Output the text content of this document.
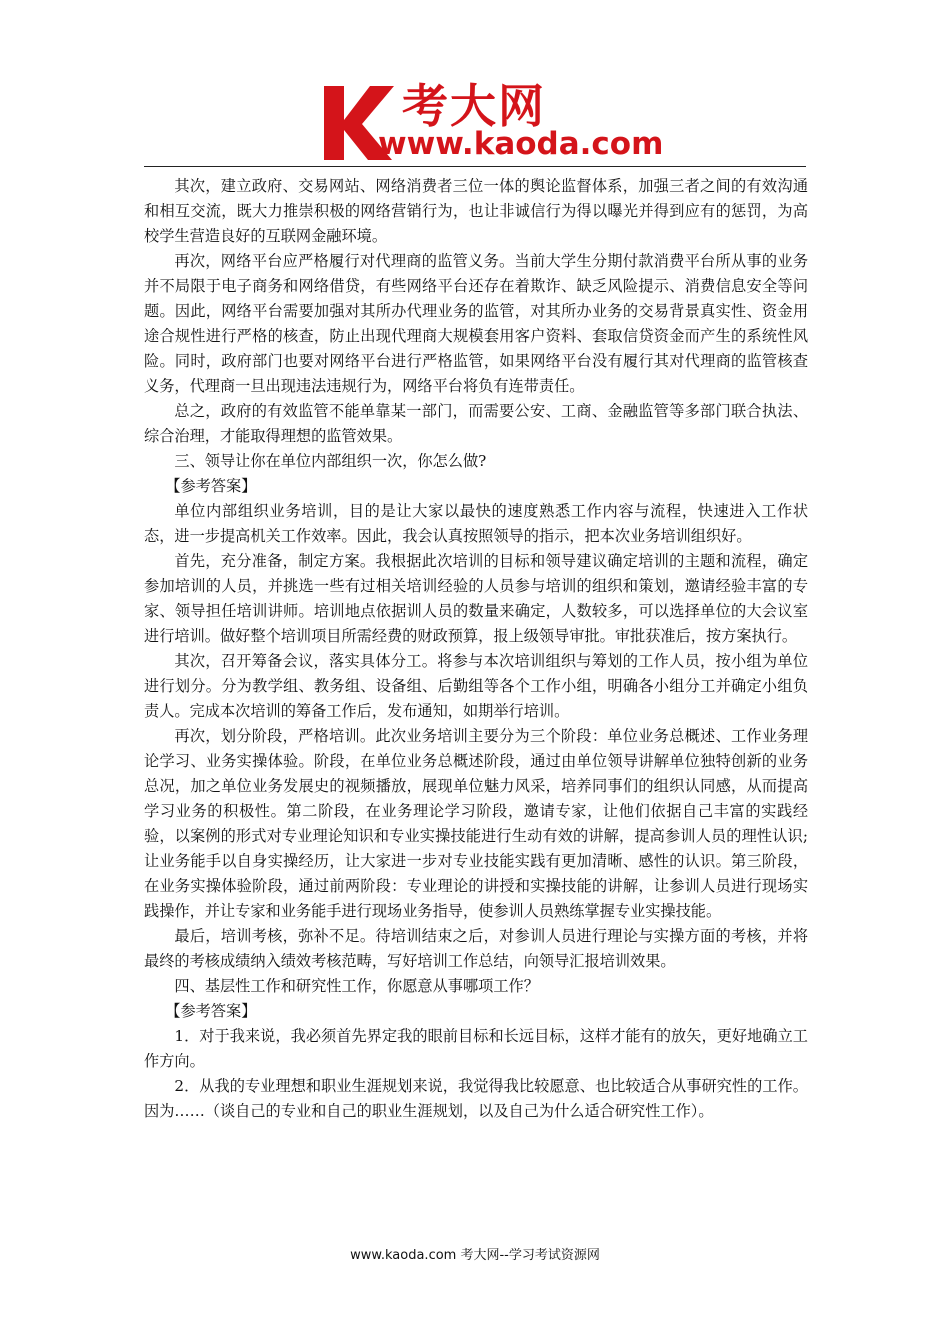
考大网
www.kaoda.com

其次，建立政府、交易网站、网络消费者三位一体的舆论监督体系，加强三者之间的有效沟通和相互交流，既大力推崇积极的网络营销行为，也让非诚信行为得以曝光并得到应有的惩罚，为高校学生营造良好的互联网金融环境。

再次，网络平台应严格履行对代理商的监管义务。当前大学生分期付款消费平台所从事的业务并不局限于电子商务和网络借贷，有些网络平台还存在着欺诈、缺乏风险提示、消费信息安全等问题。因此，网络平台需要加强对其所办代理业务的监管，对其所办业务的交易背景真实性、资金用途合规性进行严格的核查，防止出现代理商大规模套用客户资料、套取信贷资金而产生的系统性风险。同时，政府部门也要对网络平台进行严格监管，如果网络平台没有履行其对代理商的监管核查义务，代理商一旦出现违法违规行为，网络平台将负有连带责任。

总之，政府的有效监管不能单靠某一部门，而需要公安、工商、金融监管等多部门联合执法、综合治理，才能取得理想的监管效果。

三、领导让你在单位内部组织一次，你怎么做?

【参考答案】

单位内部组织业务培训，目的是让大家以最快的速度熟悉工作内容与流程，快速进入工作状态，进一步提高机关工作效率。因此，我会认真按照领导的指示，把本次业务培训组织好。

首先，充分准备，制定方案。我根据此次培训的目标和领导建议确定培训的主题和流程，确定参加培训的人员，并挑选一些有过相关培训经验的人员参与培训的组织和策划，邀请经验丰富的专家、领导担任培训讲师。培训地点依据训人员的数量来确定，人数较多，可以选择单位的大会议室进行培训。做好整个培训项目所需经费的财政预算，报上级领导审批。审批获准后，按方案执行。

其次，召开筹备会议，落实具体分工。将参与本次培训组织与筹划的工作人员，按小组为单位进行划分。分为教学组、教务组、设备组、后勤组等各个工作小组，明确各小组分工并确定小组负责人。完成本次培训的筹备工作后，发布通知，如期举行培训。

再次，划分阶段，严格培训。此次业务培训主要分为三个阶段：单位业务总概述、工作业务理论学习、业务实操体验。阶段，在单位业务总概述阶段，通过由单位领导讲解单位独特创新的业务总况，加之单位业务发展史的视频播放，展现单位魅力风采，培养同事们的组织认同感，从而提高学习业务的积极性。第二阶段，在业务理论学习阶段，邀请专家，让他们依据自己丰富的实践经验，以案例的形式对专业理论知识和专业实操技能进行生动有效的讲解，提高参训人员的理性认识;让业务能手以自身实操经历，让大家进一步对专业技能实践有更加清晰、感性的认识。第三阶段，在业务实操体验阶段，通过前两阶段：专业理论的讲授和实操技能的讲解，让参训人员进行现场实践操作，并让专家和业务能手进行现场业务指导，使参训人员熟练掌握专业实操技能。

最后，培训考核，弥补不足。待培训结束之后，对参训人员进行理论与实操方面的考核，并将最终的考核成绩纳入绩效考核范畴，写好培训工作总结，向领导汇报培训效果。

四、基层性工作和研究性工作，你愿意从事哪项工作？

【参考答案】

1．对于我来说，我必须首先界定我的眼前目标和长远目标，这样才能有的放矢，更好地确立工作方向。

2．从我的专业理想和职业生涯规划来说，我觉得我比较愿意、也比较适合从事研究性的工作。因为……（谈自己的专业和自己的职业生涯规划，以及自己为什么适合研究性工作）。

www.kaoda.com 考大网--学习考试资源网
